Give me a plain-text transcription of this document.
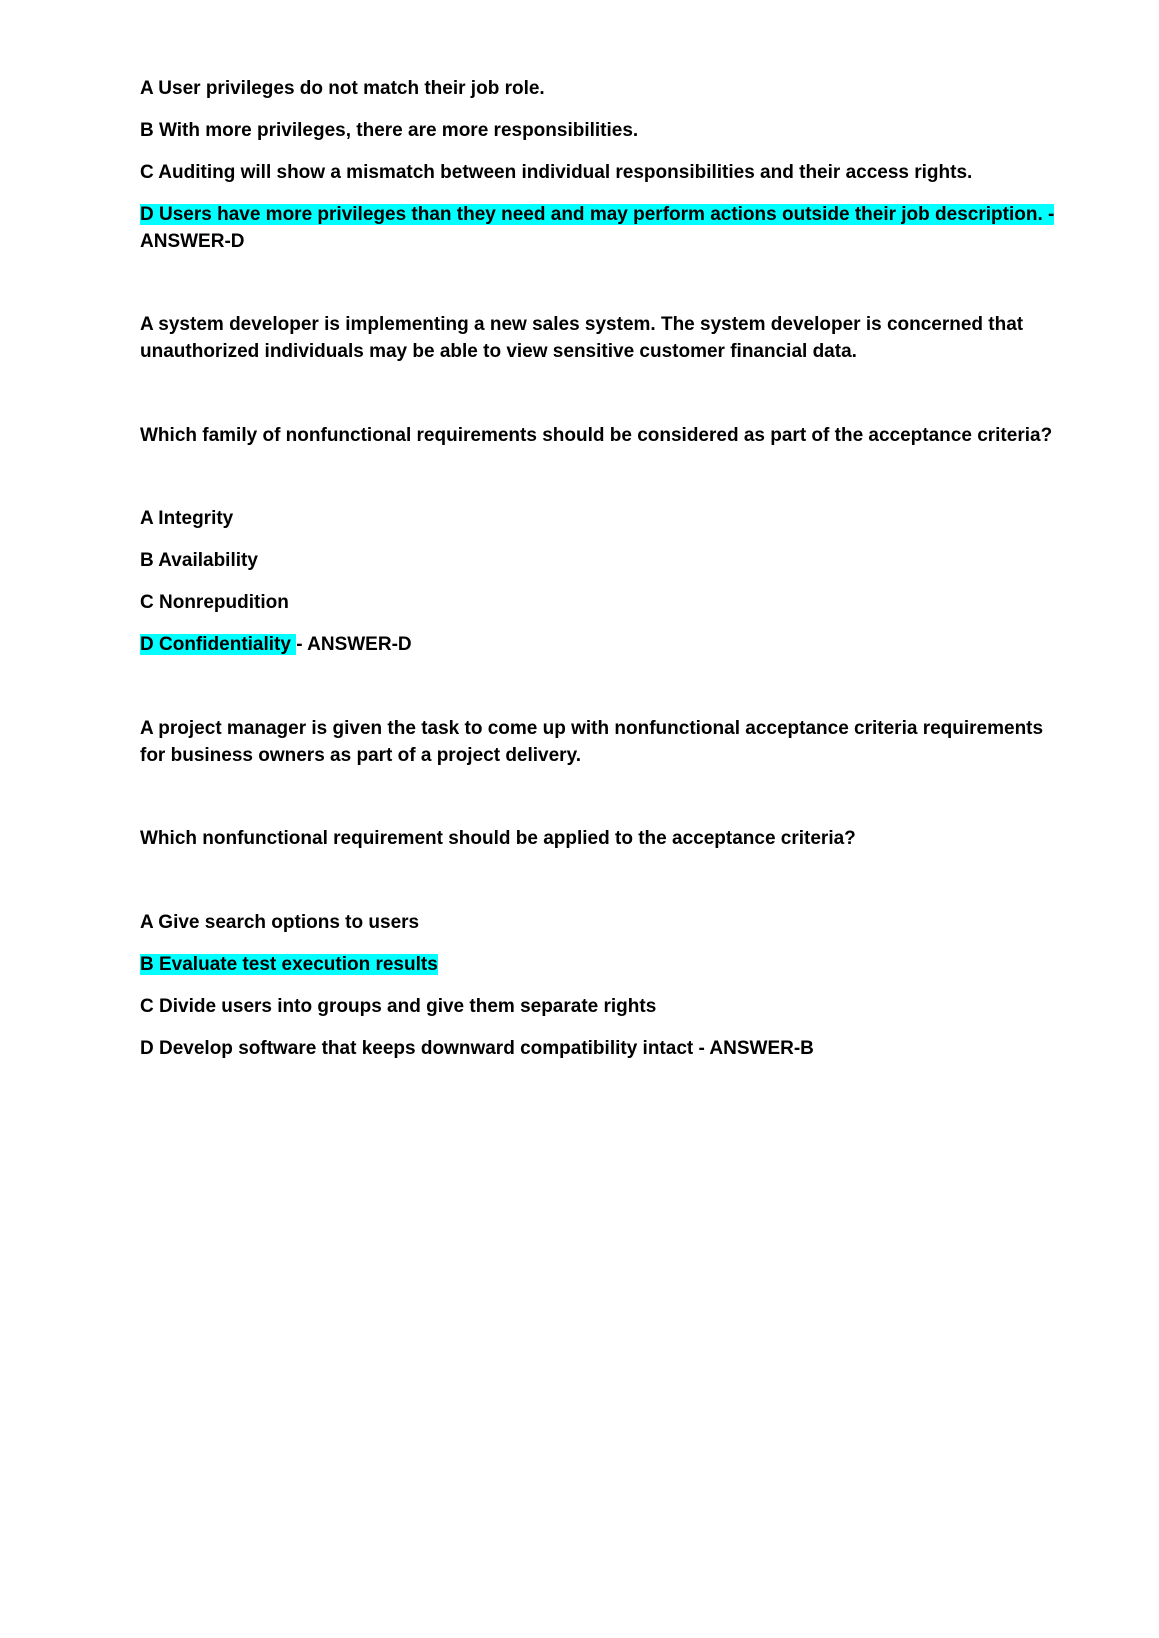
A User privileges do not match their job role.
B With more privileges, there are more responsibilities.
C Auditing will show a mismatch between individual responsibilities and their access rights.
D Users have more privileges than they need and may perform actions outside their job description. -
ANSWER-D
A system developer is implementing a new sales system. The system developer is concerned that
unauthorized individuals may be able to view sensitive customer financial data.
Which family of nonfunctional requirements should be considered as part of the acceptance criteria?
A Integrity
B Availability
C Nonrepudition
D Confidentiality - ANSWER-D
A project manager is given the task to come up with nonfunctional acceptance criteria requirements
for business owners as part of a project delivery.
Which nonfunctional requirement should be applied to the acceptance criteria?
A Give search options to users
B Evaluate test execution results
C Divide users into groups and give them separate rights
D Develop software that keeps downward compatibility intact - ANSWER-B
